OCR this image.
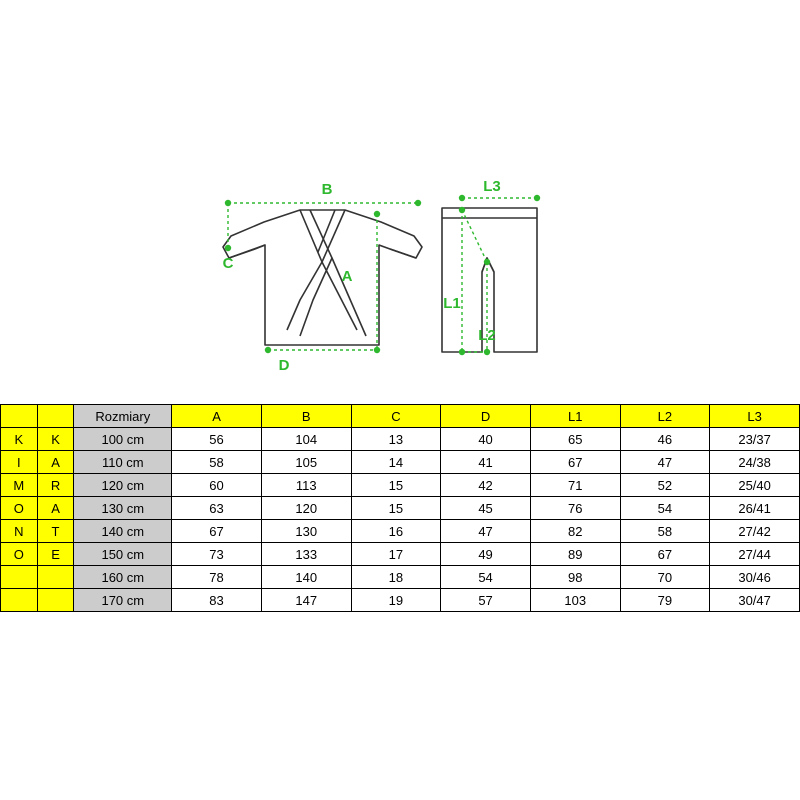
B
C
A
D
L3
L1
L2
		Rozmiary	A	B	C	D	L1	L2	L3
K	K	100 cm	56	104	13	40	65	46	23/37
I	A	110 cm	58	105	14	41	67	47	24/38
M	R	120 cm	60	113	15	42	71	52	25/40
O	A	130 cm	63	120	15	45	76	54	26/41
N	T	140 cm	67	130	16	47	82	58	27/42
O	E	150 cm	73	133	17	49	89	67	27/44
		160 cm	78	140	18	54	98	70	30/46
		170 cm	83	147	19	57	103	79	30/47
